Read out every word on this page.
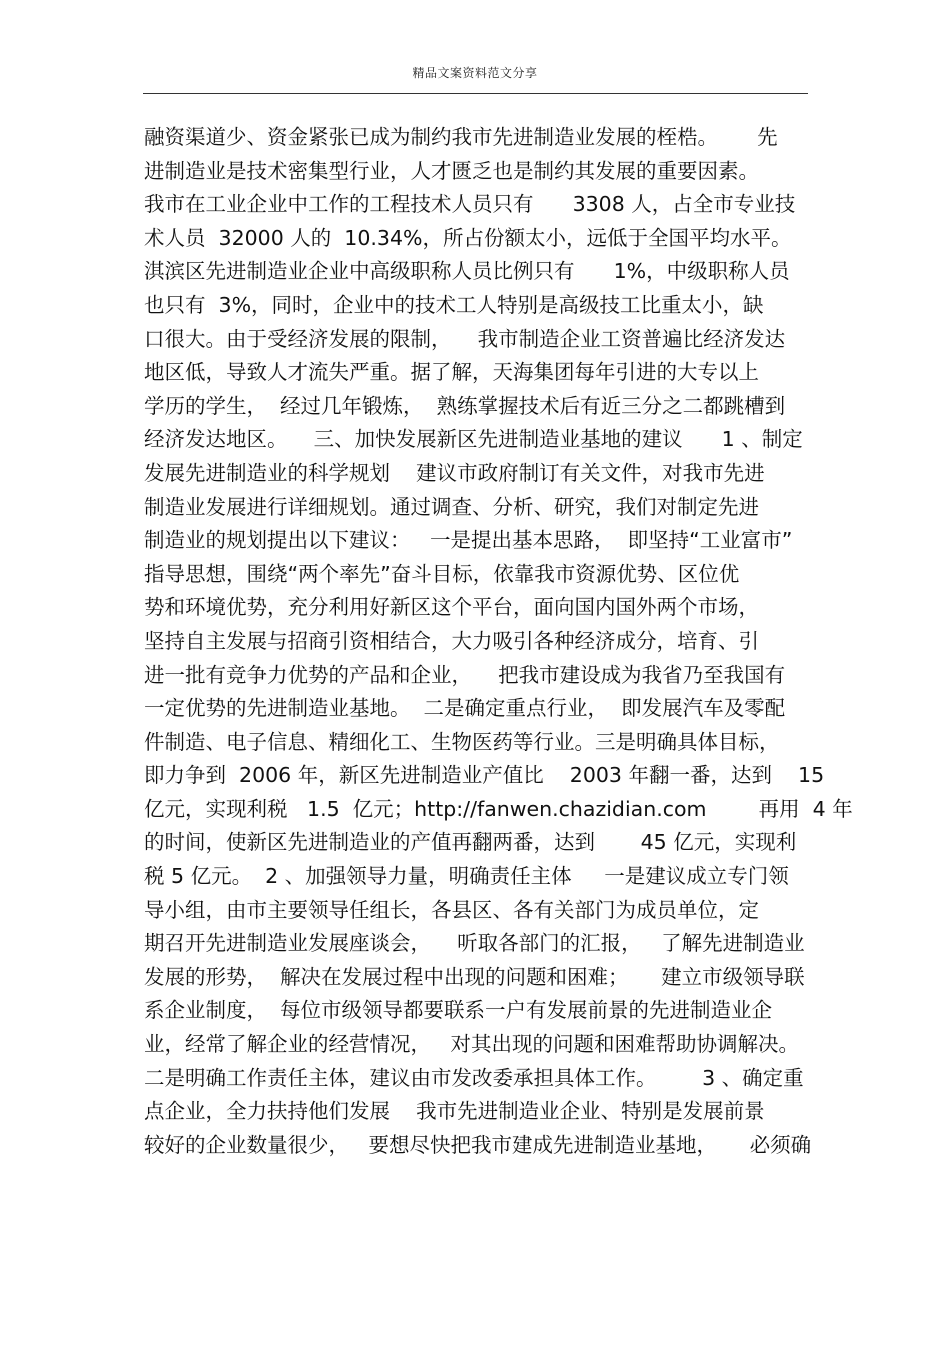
精品文案资料范文分享
融资渠道少、资金紧张已成为制约我市先进制造业发展的桎梏。      先
进制造业是技术密集型行业，人才匮乏也是制约其发展的重要因素。
我市在工业企业中工作的工程技术人员只有      3308 人，占全市专业技
术人员  32000 人的  10.34%，所占份额太小，远低于全国平均水平。
淇滨区先进制造业企业中高级职称人员比例只有      1%，中级职称人员
也只有  3%，同时，企业中的技术工人特别是高级技工比重太小，缺
口很大。由于受经济发展的限制，    我市制造企业工资普遍比经济发达
地区低，导致人才流失严重。据了解，天海集团每年引进的大专以上
学历的学生，  经过几年锻炼，  熟练掌握技术后有近三分之二都跳槽到
经济发达地区。    三、加快发展新区先进制造业基地的建议      1 、制定
发展先进制造业的科学规划    建议市政府制订有关文件，对我市先进
制造业发展进行详细规划。通过调查、分析、研究，我们对制定先进
制造业的规划提出以下建议：   一是提出基本思路，  即坚持“工业富市”
指导思想，围绕“两个率先”奋斗目标，依靠我市资源优势、区位优
势和环境优势，充分利用好新区这个平台，面向国内国外两个市场，
坚持自主发展与招商引资相结合，大力吸引各种经济成分，培育、引
进一批有竞争力优势的产品和企业，    把我市建设成为我省乃至我国有
一定优势的先进制造业基地。  二是确定重点行业，  即发展汽车及零配
件制造、电子信息、精细化工、生物医药等行业。三是明确具体目标，
即力争到  2006 年，新区先进制造业产值比    2003 年翻一番，达到    15
亿元，实现利税   1.5  亿元；http://fanwen.chazidian.com        再用  4 年
的时间，使新区先进制造业的产值再翻两番，达到       45 亿元，实现利
税 5 亿元。  2 、加强领导力量，明确责任主体     一是建议成立专门领
导小组，由市主要领导任组长，各县区、各有关部门为成员单位，定
期召开先进制造业发展座谈会，    听取各部门的汇报，   了解先进制造业
发展的形势，  解决在发展过程中出现的问题和困难；     建立市级领导联
系企业制度，  每位市级领导都要联系一户有发展前景的先进制造业企
业，经常了解企业的经营情况，   对其出现的问题和困难帮助协调解决。
二是明确工作责任主体，建议由市发改委承担具体工作。       3 、确定重
点企业，全力扶持他们发展    我市先进制造业企业、特别是发展前景
较好的企业数量很少，   要想尽快把我市建成先进制造业基地，     必须确
